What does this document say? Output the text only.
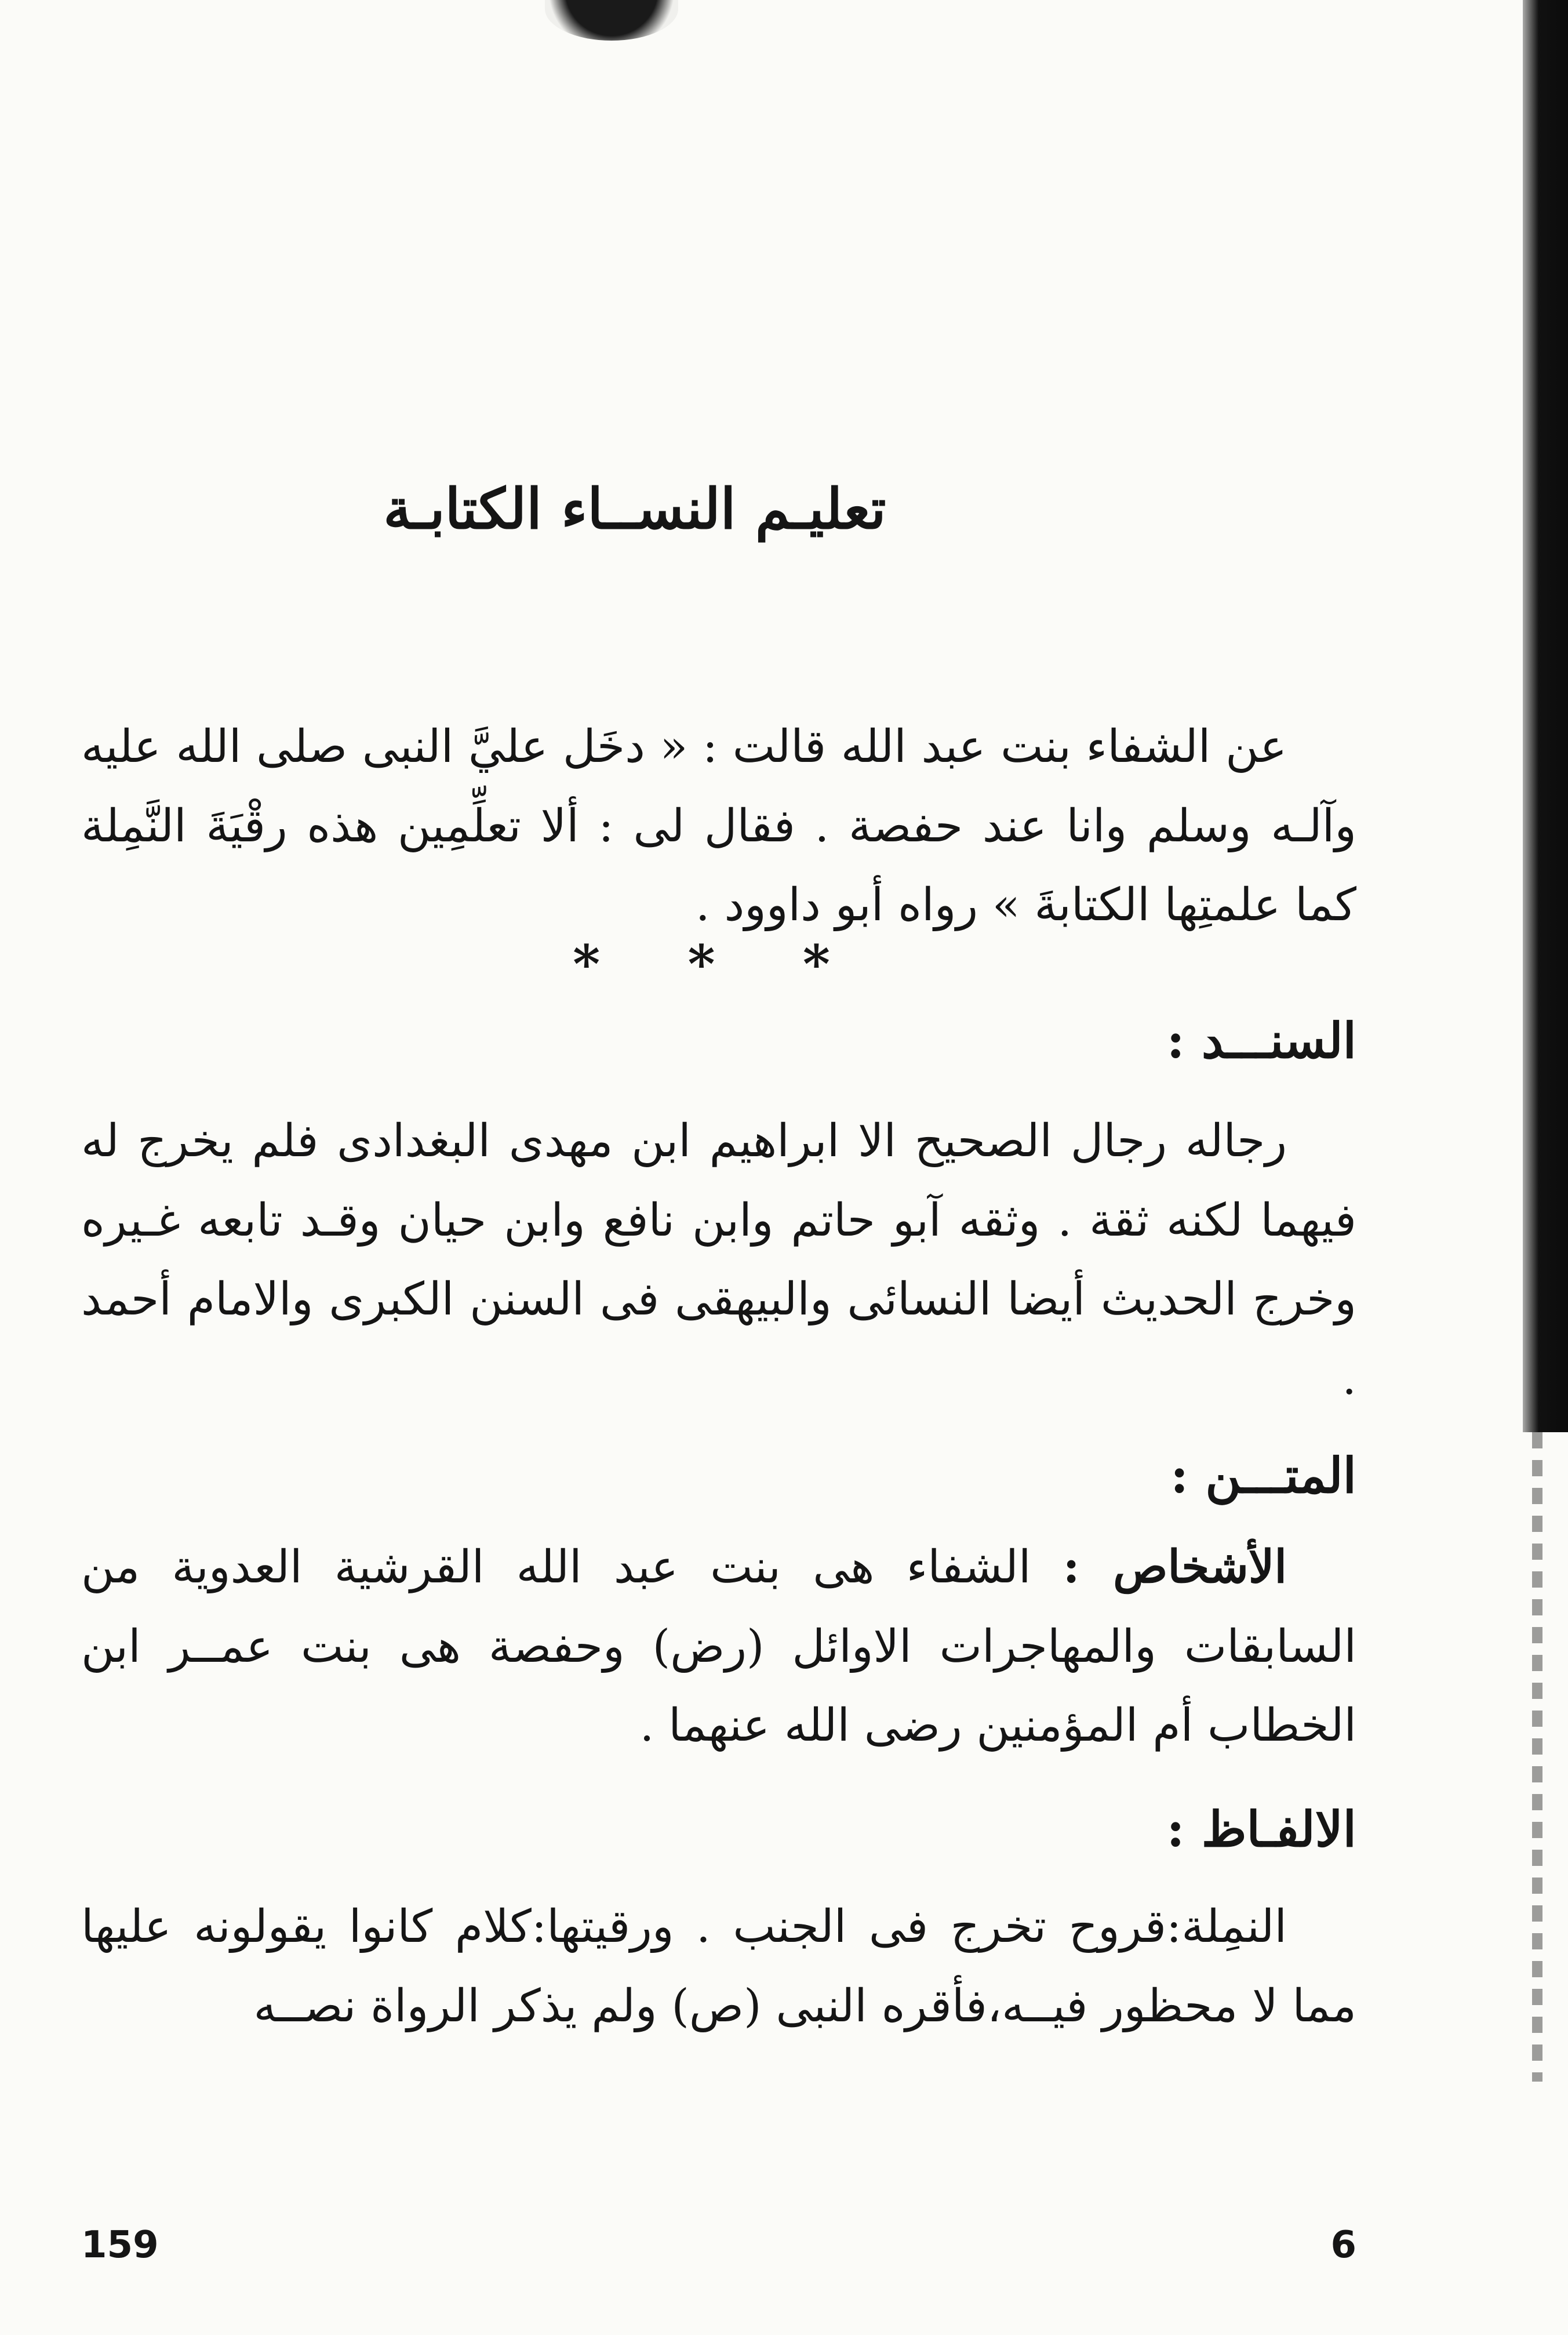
تعليـم النســاء الكتابـة

عن الشفاء بنت عبد الله قالت : « دخَل عليَّ النبى صلى الله عليه وآلـه وسلم وانا عند حفصة . فقال لى : ألا تعلِّمِين هذه رقْيَةَ النَّمِلة كما علمتِها الكتابةَ » رواه أبو داوود .

* * *
السنـــد :

رجاله رجال الصحيح الا ابراهيم ابن مهدى البغدادى فلم يخرج له فيهما لكنه ثقة . وثقه آبو حاتم وابن نافع وابن حيان وقـد تابعه غـيره وخرج الحديث أيضا النسائى والبيهقى فى السنن الكبرى والامام أحمد .

المتـــن :

الأشخاص : الشفاء هى بنت عبد الله القرشية العدوية من السابقات والمهاجرات الاوائل (رض) وحفصة هى بنت عمــر ابن الخطاب أم المؤمنين رضى الله عنهما .

الالفـاظ :

النمِلة:قروح تخرج فى الجنب . ورقيتها:كلام كانوا يقولونه عليها مما لا محظور فيــه،فأقره النبى (ص) ولم يذكر الرواة نصــه

159	6
